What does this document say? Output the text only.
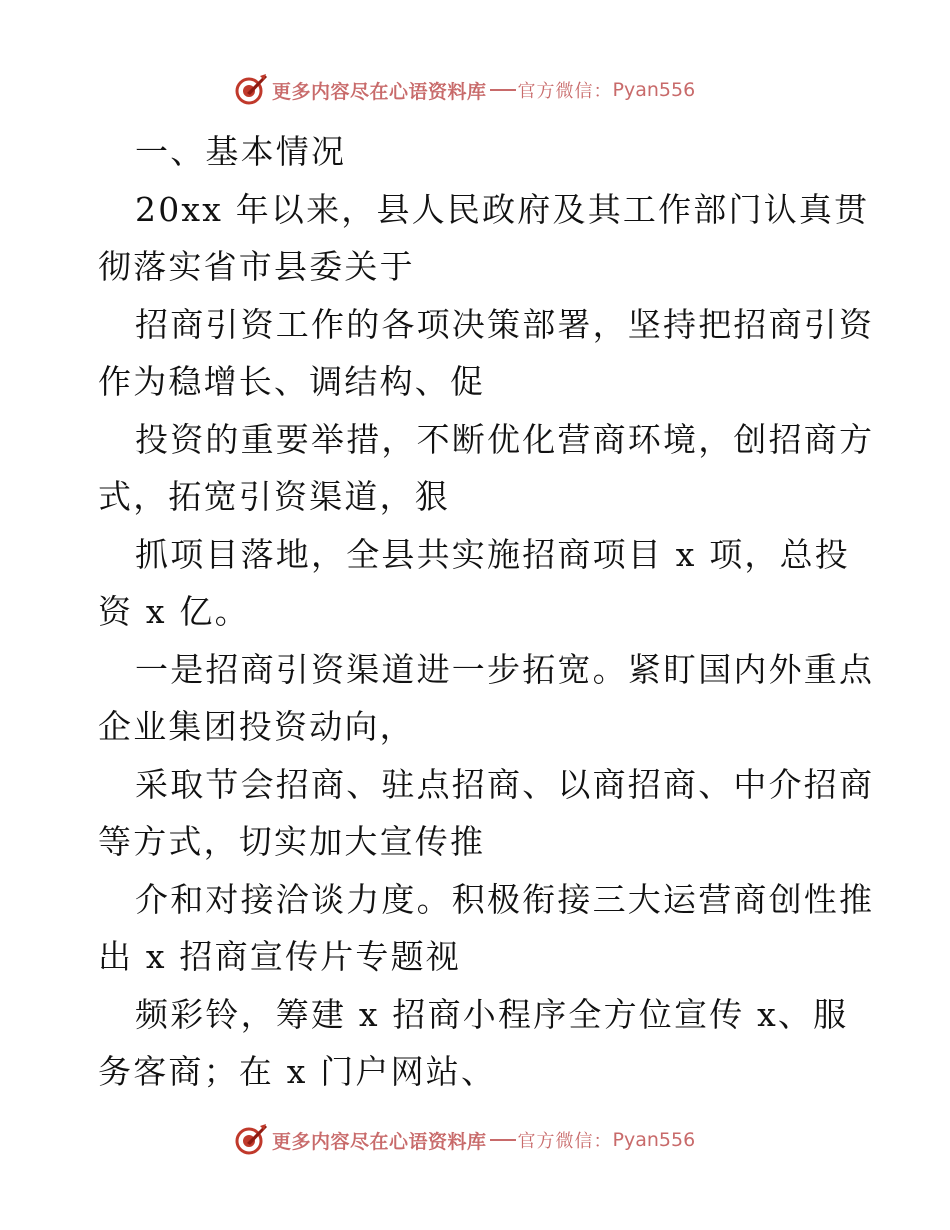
更多内容尽在心语资料库 官方微信： Pyan556
一、基本情况
20xx 年以来，县人民政府及其工作部门认真贯
彻落实省市县委关于
招商引资工作的各项决策部署，坚持把招商引资
作为稳增长、调结构、促
投资的重要举措，不断优化营商环境，创招商方
式，拓宽引资渠道，狠
抓项目落地，全县共实施招商项目 x 项，总投
资 x 亿。
一是招商引资渠道进一步拓宽。紧盯国内外重点
企业集团投资动向，
采取节会招商、驻点招商、以商招商、中介招商
等方式，切实加大宣传推
介和对接洽谈力度。积极衔接三大运营商创性推
出 x 招商宣传片专题视
频彩铃，筹建 x 招商小程序全方位宣传 x、服
务客商；在 x 门户网站、
更多内容尽在心语资料库 官方微信： Pyan556
